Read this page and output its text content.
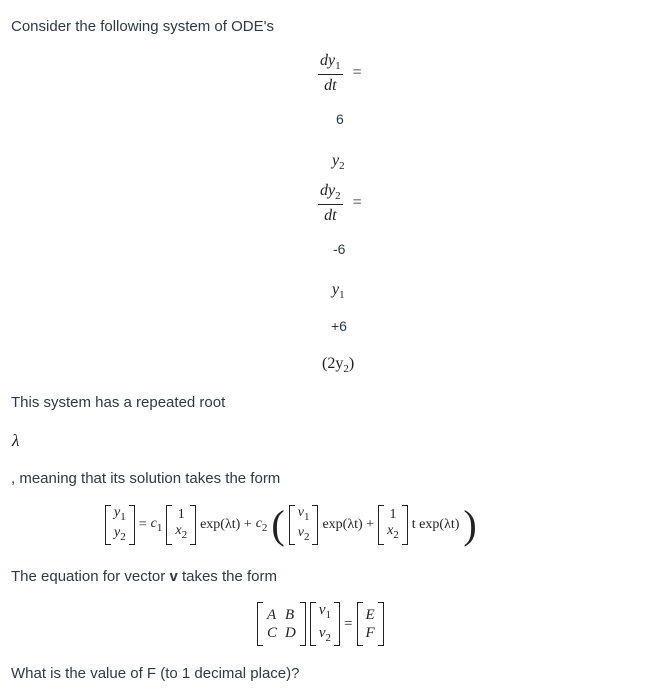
Consider the following system of ODE's
$\frac{dy_1}{dt}$ =
6
$y_2$
$\frac{dy_2}{dt}$ =
-6
$y_1$
+6
$(2y_2)$
This system has a repeated root
λ
, meaning that its solution takes the form
$y_1$
$y_2$
= $c_1$
1
$x_2$
$\exp(\lambda t) + c_2$ ( $v_1$
$v_2$
exp(λt) +
1
$x_2$
t exp(λt) )
The equation for vector v takes the form
A B
C D
$v_1$
$v_2$
=
E
F
What is the value of F (to 1 decimal place)?
